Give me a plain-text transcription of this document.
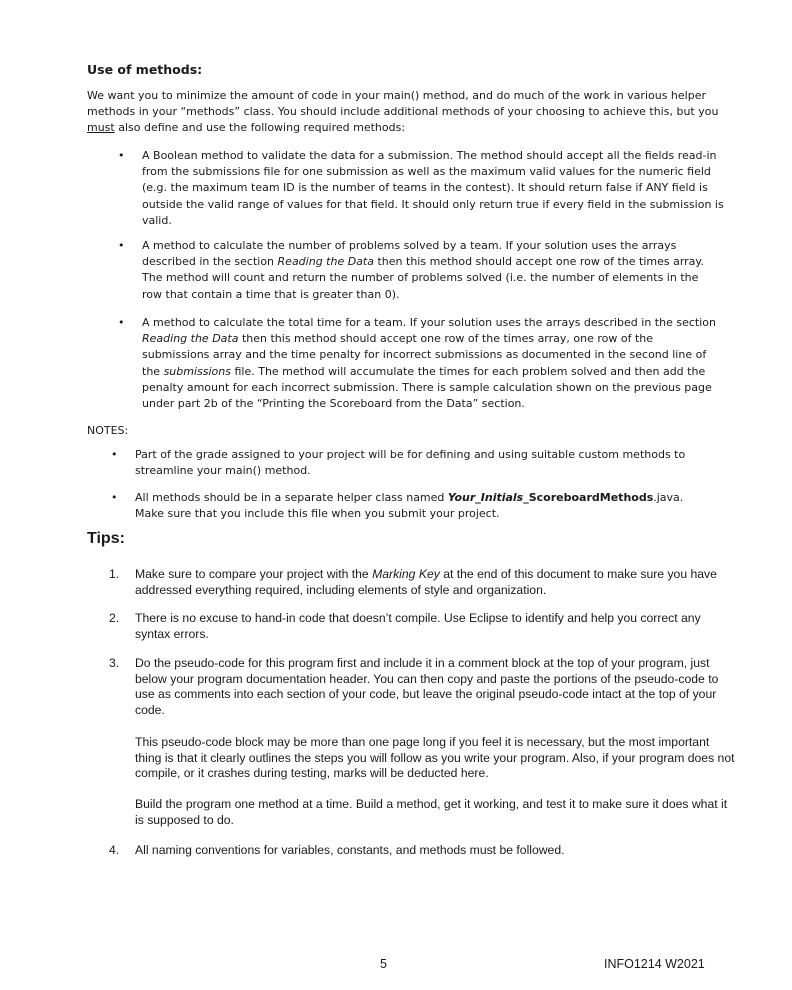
Use of methods:

We want you to minimize the amount of code in your main() method, and do much of the work in various helper methods in your “methods” class. You should include additional methods of your choosing to achieve this, but you must also define and use the following required methods:

• A Boolean method to validate the data for a submission. The method should accept all the fields read-in from the submissions file for one submission as well as the maximum valid values for the numeric field (e.g. the maximum team ID is the number of teams in the contest). It should return false if ANY field is outside the valid range of values for that field. It should only return true if every field in the submission is valid.
• A method to calculate the number of problems solved by a team. If your solution uses the arrays described in the section Reading the Data then this method should accept one row of the times array. The method will count and return the number of problems solved (i.e. the number of elements in the row that contain a time that is greater than 0).
• A method to calculate the total time for a team. If your solution uses the arrays described in the section Reading the Data then this method should accept one row of the times array, one row of the submissions array and the time penalty for incorrect submissions as documented in the second line of the submissions file. The method will accumulate the times for each problem solved and then add the penalty amount for each incorrect submission. There is sample calculation shown on the previous page under part 2b of the “Printing the Scoreboard from the Data” section.

NOTES:

• Part of the grade assigned to your project will be for defining and using suitable custom methods to streamline your main() method.
• All methods should be in a separate helper class named Your_Initials_ScoreboardMethods.java. Make sure that you include this file when you submit your project.
Tips:
1. Make sure to compare your project with the Marking Key at the end of this document to make sure you have addressed everything required, including elements of style and organization.
2. There is no excuse to hand-in code that doesn’t compile. Use Eclipse to identify and help you correct any syntax errors.
3. Do the pseudo-code for this program first and include it in a comment block at the top of your program, just below your program documentation header. You can then copy and paste the portions of the pseudo-code to use as comments into each section of your code, but leave the original pseudo-code intact at the top of your code.
This pseudo-code block may be more than one page long if you feel it is necessary, but the most important thing is that it clearly outlines the steps you will follow as you write your program. Also, if your program does not compile, or it crashes during testing, marks will be deducted here.
Build the program one method at a time. Build a method, get it working, and test it to make sure it does what it is supposed to do.
4. All naming conventions for variables, constants, and methods must be followed.

5	INFO1214 W2021
